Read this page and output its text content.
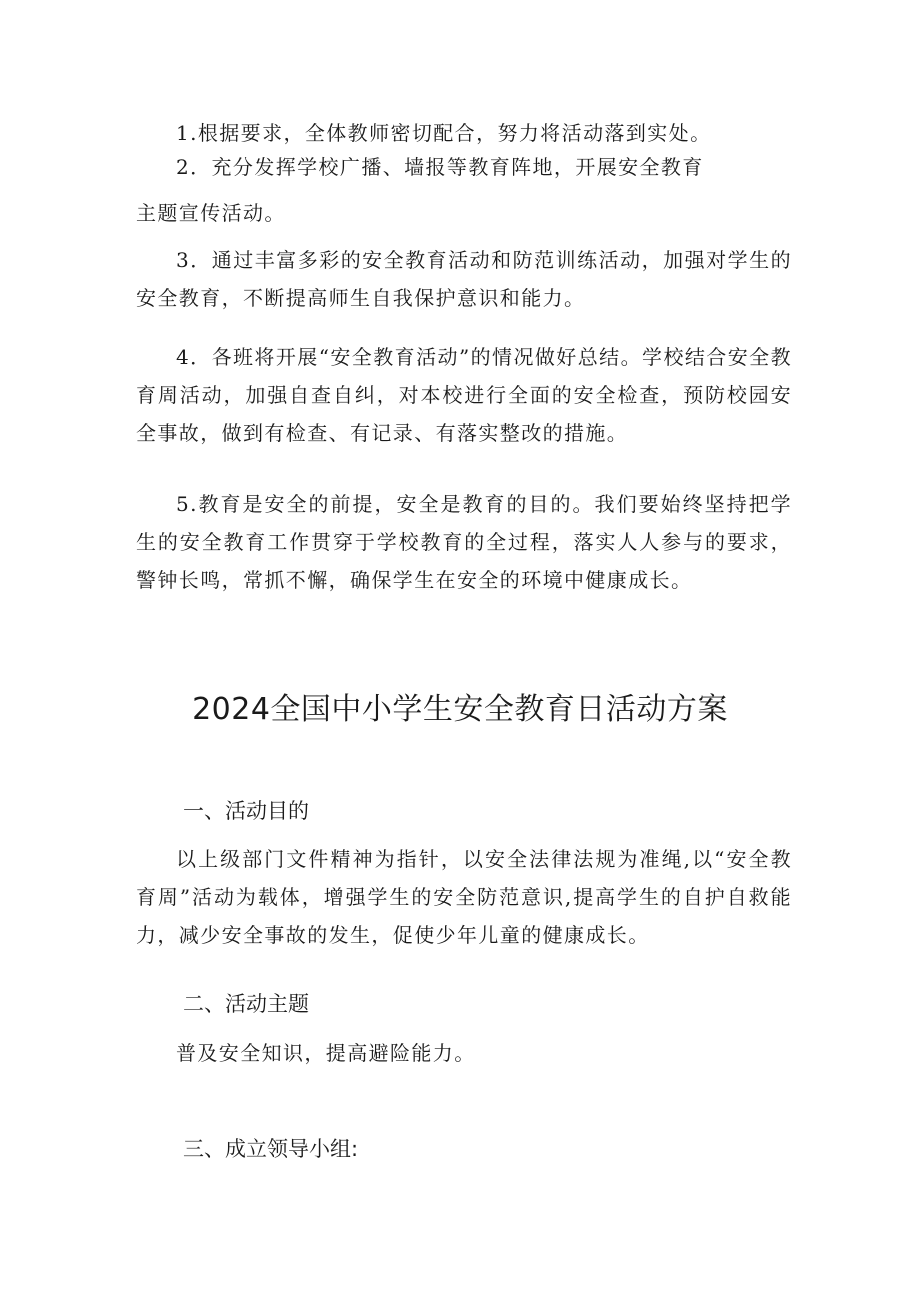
1.根据要求，全体教师密切配合，努力将活动落到实处。

2．充分发挥学校广播、墙报等教育阵地，开展安全教育

主题宣传活动。

3．通过丰富多彩的安全教育活动和防范训练活动，加强对学生的安全教育，不断提高师生自我保护意识和能力。

4．各班将开展“安全教育活动”的情况做好总结。学校结合安全教育周活动，加强自查自纠，对本校进行全面的安全检查，预防校园安全事故，做到有检查、有记录、有落实整改的措施。

5.教育是安全的前提，安全是教育的目的。我们要始终坚持把学生的安全教育工作贯穿于学校教育的全过程，落实人人参与的要求，警钟长鸣，常抓不懈，确保学生在安全的环境中健康成长。

2024全国中小学生安全教育日活动方案
一、活动目的

以上级部门文件精神为指针，以安全法律法规为准绳,以“安全教育周”活动为载体，增强学生的安全防范意识,提高学生的自护自救能力，减少安全事故的发生，促使少年儿童的健康成长。

二、活动主题

普及安全知识，提高避险能力。

三、成立领导小组:
